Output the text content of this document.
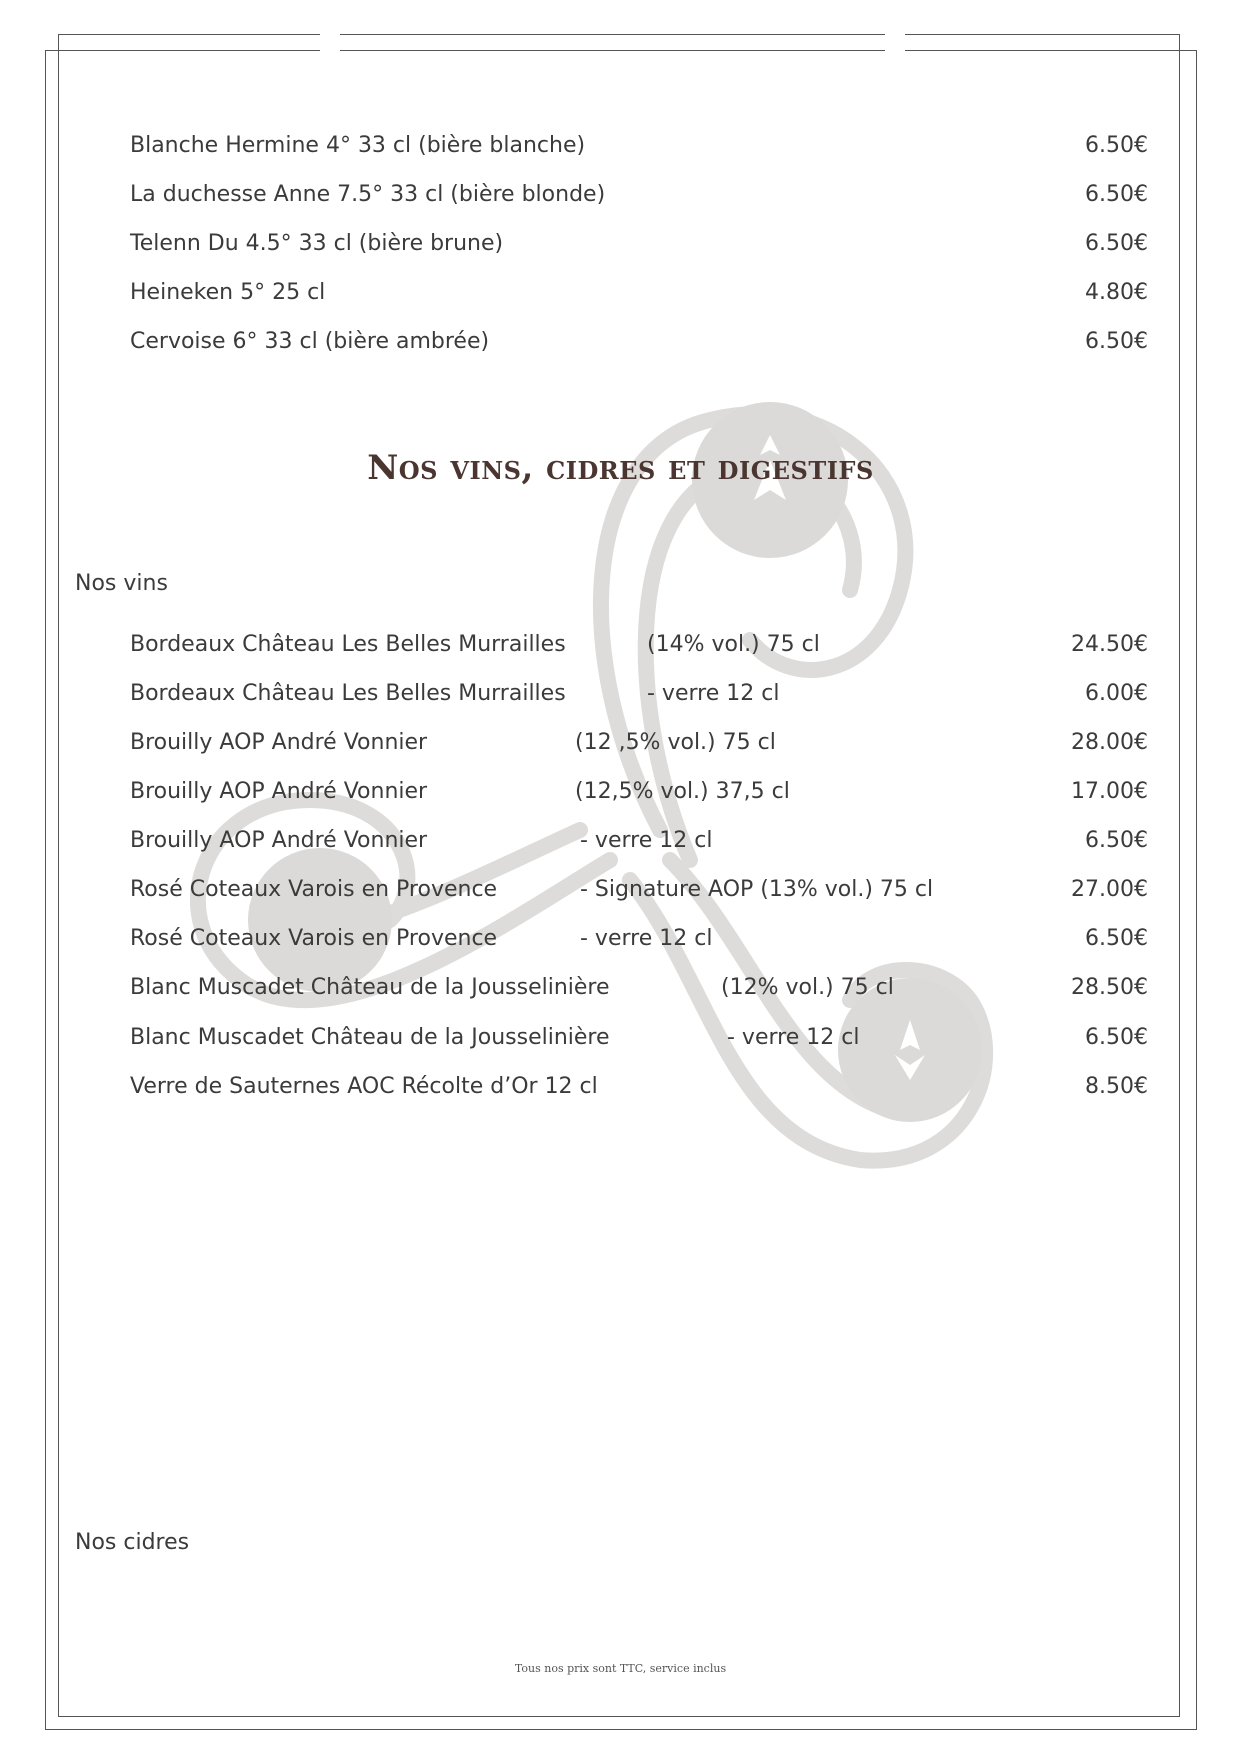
Blanche Hermine 4° 33 cl (bière blanche)	6.50€
La duchesse Anne 7.5° 33 cl (bière blonde)	6.50€
Telenn Du 4.5° 33 cl (bière brune)	6.50€
Heineken 5° 25 cl	4.80€
Cervoise 6° 33 cl (bière ambrée)	6.50€
Nos vins, cidres et digestifs
Nos vins
Bordeaux Château Les Belles Murrailles	(14% vol.) 75 cl	24.50€
Bordeaux Château Les Belles Murrailles	- verre 12 cl	6.00€
Brouilly AOP André Vonnier	(12 ,5% vol.) 75 cl	28.00€
Brouilly AOP André Vonnier	(12,5% vol.) 37,5 cl	17.00€
Brouilly AOP André Vonnier	- verre 12 cl	6.50€
Rosé Coteaux Varois en Provence	- Signature AOP (13% vol.) 75 cl	27.00€
Rosé Coteaux Varois en Provence	- verre 12 cl	6.50€
Blanc Muscadet Château de la Jousselinière	(12% vol.) 75 cl	28.50€
Blanc Muscadet Château de la Jousselinière	- verre 12 cl	6.50€
Verre de Sauternes AOC Récolte d’Or 12 cl	8.50€
Nos cidres
Tous nos prix sont TTC, service inclus
